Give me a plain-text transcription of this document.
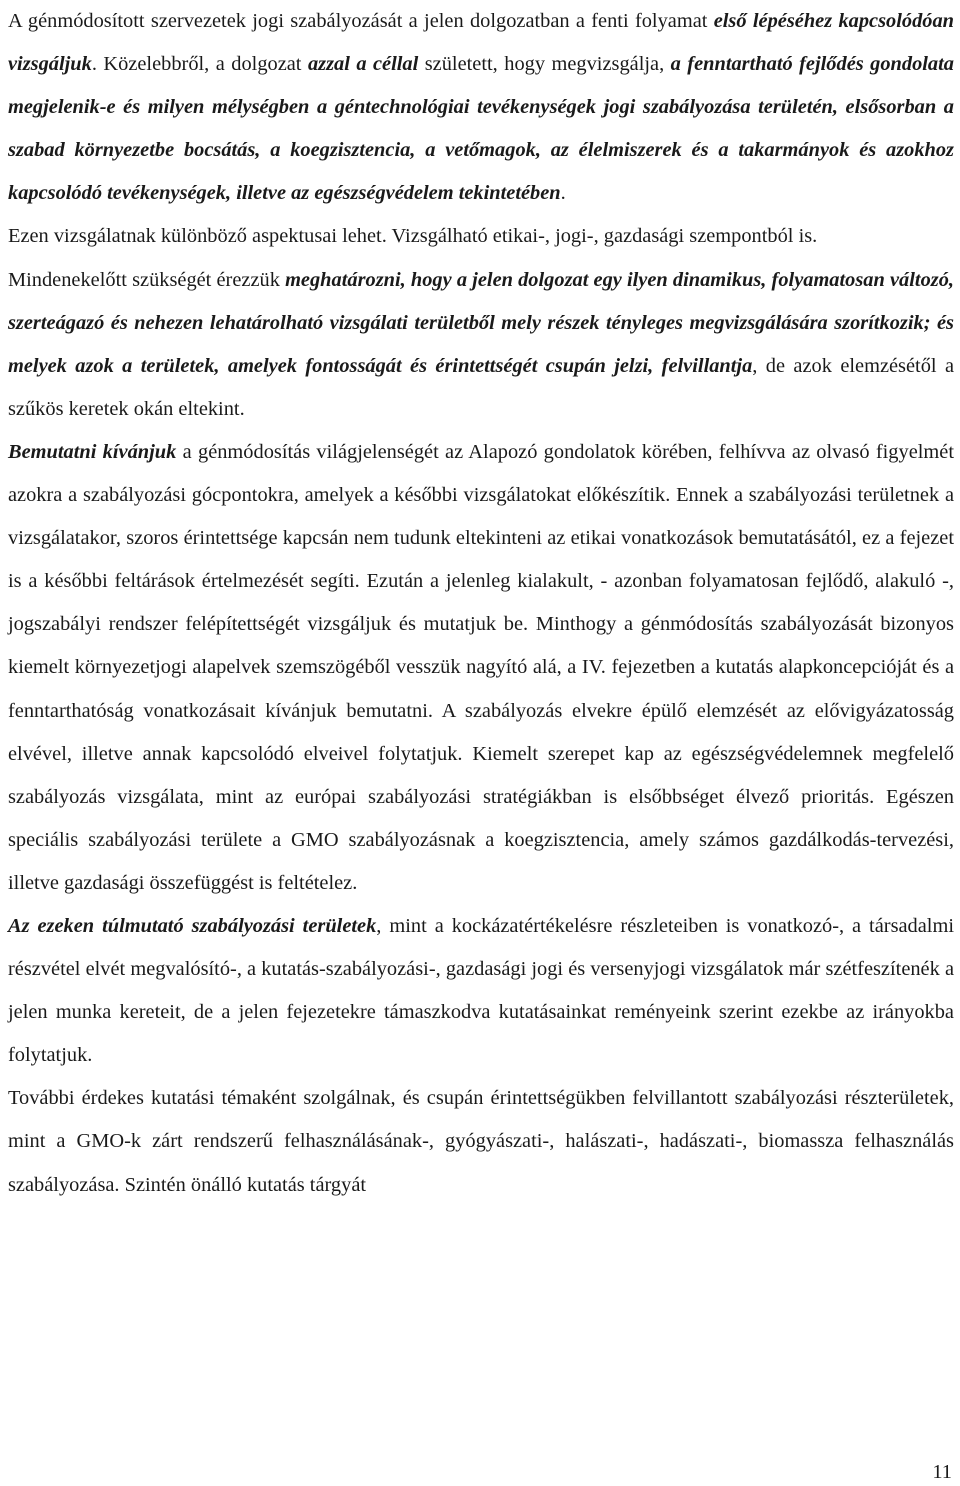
A génmódosított szervezetek jogi szabályozását a jelen dolgozatban a fenti folyamat első lépéséhez kapcsolódóan vizsgáljuk. Közelebbről, a dolgozat azzal a céllal született, hogy megvizsgálja, a fenntartható fejlődés gondolata megjelenik-e és milyen mélységben a géntechnológiai tevékenységek jogi szabályozása területén, elsősorban a szabad környezetbe bocsátás, a koegzisztencia, a vetőmagok, az élelmiszerek és a takarmányok és azokhoz kapcsolódó tevékenységek, illetve az egészségvédelem tekintetében.

Ezen vizsgálatnak különböző aspektusai lehet. Vizsgálható etikai-, jogi-, gazdasági szempontból is.

Mindenekelőtt szükségét érezzük meghatározni, hogy a jelen dolgozat egy ilyen dinamikus, folyamatosan változó, szerteágazó és nehezen lehatárolható vizsgálati területből mely részek tényleges megvizsgálására szorítkozik; és melyek azok a területek, amelyek fontosságát és érintettségét csupán jelzi, felvillantja, de azok elemzésétől a szűkös keretek okán eltekint.

Bemutatni kívánjuk a génmódosítás világjelenségét az Alapozó gondolatok körében, felhívva az olvasó figyelmét azokra a szabályozási gócpontokra, amelyek a későbbi vizsgálatokat előkészítik. Ennek a szabályozási területnek a vizsgálatakor, szoros érintettsége kapcsán nem tudunk eltekinteni az etikai vonatkozások bemutatásától, ez a fejezet is a későbbi feltárások értelmezését segíti. Ezután a jelenleg kialakult, - azonban folyamatosan fejlődő, alakuló -, jogszabályi rendszer felépítettségét vizsgáljuk és mutatjuk be. Minthogy a génmódosítás szabályozását bizonyos kiemelt környezetjogi alapelvek szemszögéből vesszük nagyító alá, a IV. fejezetben a kutatás alapkoncepcióját és a fenntarthatóság vonatkozásait kívánjuk bemutatni. A szabályozás elvekre épülő elemzését az elővigyázatosság elvével, illetve annak kapcsolódó elveivel folytatjuk. Kiemelt szerepet kap az egészségvédelemnek megfelelő szabályozás vizsgálata, mint az európai szabályozási stratégiákban is elsőbbséget élvező prioritás. Egészen speciális szabályozási területe a GMO szabályozásnak a koegzisztencia, amely számos gazdálkodás-tervezési, illetve gazdasági összefüggést is feltételez.

Az ezeken túlmutató szabályozási területek, mint a kockázatértékelésre részleteiben is vonatkozó-, a társadalmi részvétel elvét megvalósító-, a kutatás-szabályozási-, gazdasági jogi és versenyjogi vizsgálatok már szétfeszítenék a jelen munka kereteit, de a jelen fejezetekre támaszkodva kutatásainkat reményeink szerint ezekbe az irányokba folytatjuk.

További érdekes kutatási témaként szolgálnak, és csupán érintettségükben felvillantott szabályozási részterületek, mint a GMO-k zárt rendszerű felhasználásának-, gyógyászati-, halászati-, hadászati-, biomassza felhasználás szabályozása. Szintén önálló kutatás tárgyát

11
